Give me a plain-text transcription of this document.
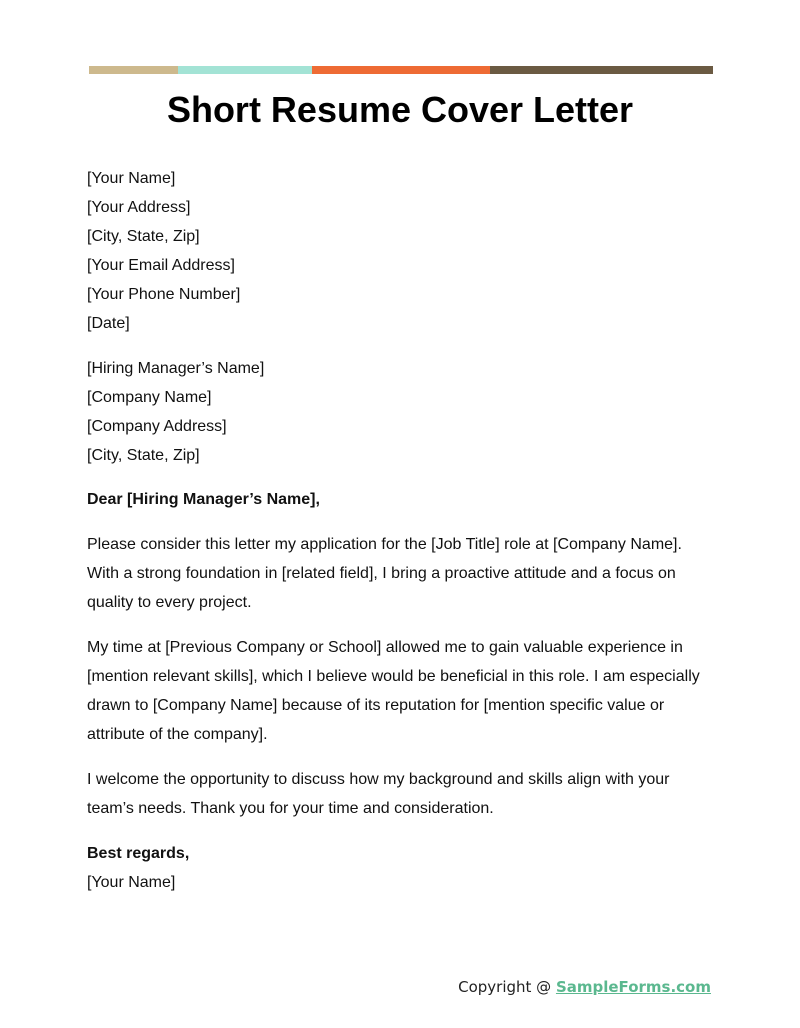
Short Resume Cover Letter
[Your Name]
[Your Address]
[City, State, Zip]
[Your Email Address]
[Your Phone Number]
[Date]
[Hiring Manager’s Name]
[Company Name]
[Company Address]
[City, State, Zip]

Dear [Hiring Manager’s Name],

Please consider this letter my application for the [Job Title] role at [Company Name]. With a strong foundation in [related field], I bring a proactive attitude and a focus on quality to every project.

My time at [Previous Company or School] allowed me to gain valuable experience in [mention relevant skills], which I believe would be beneficial in this role. I am especially drawn to [Company Name] because of its reputation for [mention specific value or attribute of the company].

I welcome the opportunity to discuss how my background and skills align with your team’s needs. Thank you for your time and consideration.

Best regards,
[Your Name]
Copyright @ SampleForms.com
